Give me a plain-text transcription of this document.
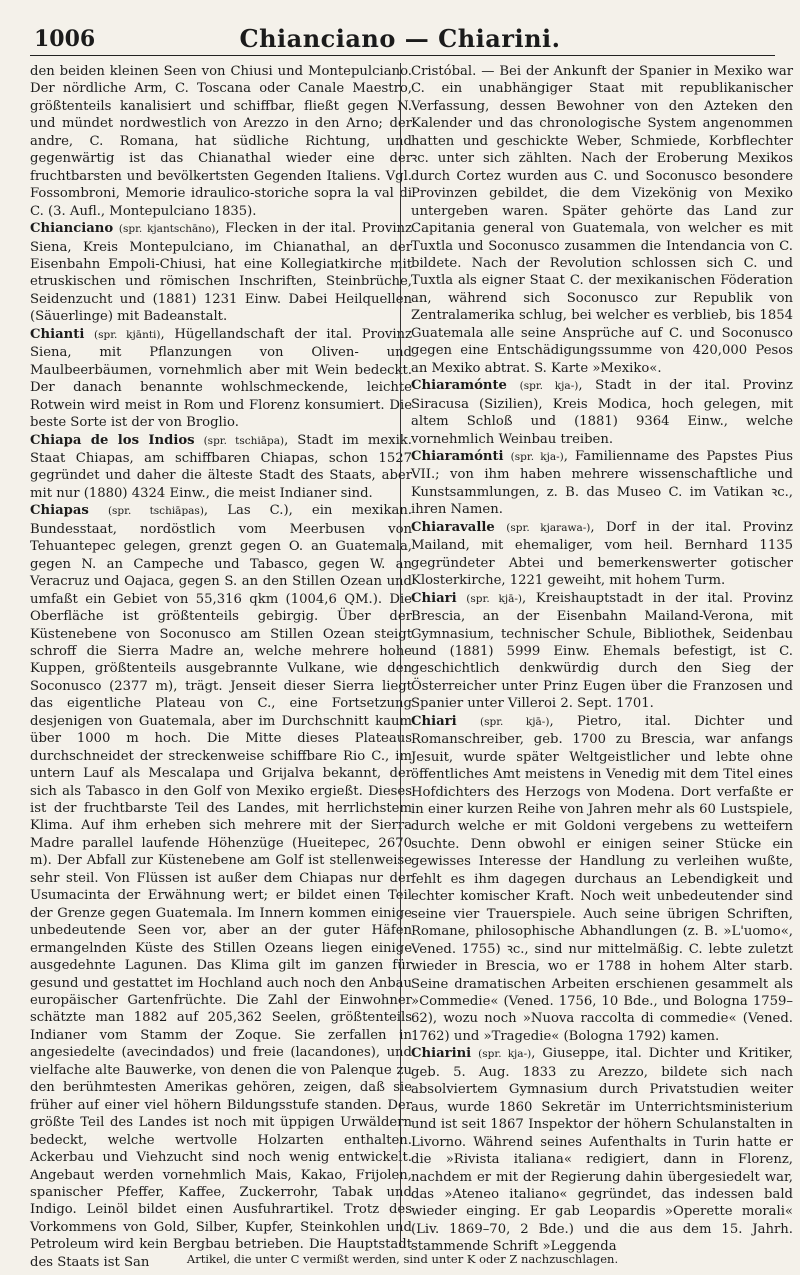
1006	Chianciano — Chiarini.

den beiden kleinen Seen von Chiusi und Montepulciano. Der nördliche Arm, C. Toscana oder Canale Maestro, größtenteils kanalisiert und schiffbar, fließt gegen N. und mündet nordwestlich von Arezzo in den Arno; der andre, C. Romana, hat südliche Richtung, und gegenwärtig ist das Chianathal wieder eine der fruchtbarsten und bevölkertsten Gegenden Italiens. Vgl. Fossombroni, Memorie idraulico-storiche sopra la val di C. (3. Aufl., Montepulciano 1835).

Chianciano (spr. kjantschāno), Flecken in der ital. Provinz Siena, Kreis Montepulciano, im Chianathal, an der Eisenbahn Empoli-Chiusi, hat eine Kollegiatkirche mit etruskischen und römischen Inschriften, Steinbrüche, Seidenzucht und (1881) 1231 Einw. Dabei Heilquellen (Säuerlinge) mit Badeanstalt.

Chianti (spr. kjānti), Hügellandschaft der ital. Provinz Siena, mit Pflanzungen von Oliven- und Maulbeerbäumen, vornehmlich aber mit Wein bedeckt. Der danach benannte wohlschmeckende, leichte Rotwein wird meist in Rom und Florenz konsumiert. Die beste Sorte ist der von Broglio.

Chiapa de los Indios (spr. tschiāpa), Stadt im mexik. Staat Chiapas, am schiffbaren Chiapas, schon 1527 gegründet und daher die älteste Stadt des Staats, aber mit nur (1880) 4324 Einw., die meist Indianer sind.

Chiapas (spr. tschiāpas), Las C.), ein mexikan. Bundesstaat, nordöstlich vom Meerbusen von Tehuantepec gelegen, grenzt gegen O. an Guatemala, gegen N. an Campeche und Tabasco, gegen W. an Veracruz und Oajaca, gegen S. an den Stillen Ozean und umfaßt ein Gebiet von 55,316 qkm (1004,6 QM.). Die Oberfläche ist größtenteils gebirgig. Über der Küstenebene von Soconusco am Stillen Ozean steigt schroff die Sierra Madre an, welche mehrere hohe Kuppen, größtenteils ausgebrannte Vulkane, wie den Soconusco (2377 m), trägt. Jenseit dieser Sierra liegt das eigentliche Plateau von C., eine Fortsetzung desjenigen von Guatemala, aber im Durchschnitt kaum über 1000 m hoch. Die Mitte dieses Plateaus durchschneidet der streckenweise schiffbare Rio C., im untern Lauf als Mescalapa und Grijalva bekannt, der sich als Tabasco in den Golf von Mexiko ergießt. Dieses ist der fruchtbarste Teil des Landes, mit herrlichstem Klima. Auf ihm erheben sich mehrere mit der Sierra Madre parallel laufende Höhenzüge (Hueitepec, 2670 m). Der Abfall zur Küstenebene am Golf ist stellenweise sehr steil. Von Flüssen ist außer dem Chiapas nur der Usumacinta der Erwähnung wert; er bildet einen Teil der Grenze gegen Guatemala. Im Innern kommen einige unbedeutende Seen vor, aber an der guter Häfen ermangelnden Küste des Stillen Ozeans liegen einige ausgedehnte Lagunen. Das Klima gilt im ganzen für gesund und gestattet im Hochland auch noch den Anbau europäischer Gartenfrüchte. Die Zahl der Einwohner schätzte man 1882 auf 205,362 Seelen, größtenteils Indianer vom Stamm der Zoque. Sie zerfallen in angesiedelte (avecindados) und freie (lacandones), und vielfache alte Bauwerke, von denen die von Palenque zu den berühmtesten Amerikas gehören, zeigen, daß sie früher auf einer viel höhern Bildungsstufe standen. Der größte Teil des Landes ist noch mit üppigen Urwäldern bedeckt, welche wertvolle Holzarten enthalten. Ackerbau und Viehzucht sind noch wenig entwickelt. Angebaut werden vornehmlich Mais, Kakao, Frijolen, spanischer Pfeffer, Kaffee, Zuckerrohr, Tabak und Indigo. Leinöl bildet einen Ausfuhrartikel. Trotz des Vorkommens von Gold, Silber, Kupfer, Steinkohlen und Petroleum wird kein Bergbau betrieben. Die Hauptstadt des Staats ist San

Cristóbal. — Bei der Ankunft der Spanier in Mexiko war C. ein unabhängiger Staat mit republikanischer Verfassung, dessen Bewohner von den Azteken den Kalender und das chronologische System angenommen hatten und geschickte Weber, Schmiede, Korbflechter ꝛc. unter sich zählten. Nach der Eroberung Mexikos durch Cortez wurden aus C. und Soconusco besondere Provinzen gebildet, die dem Vizekönig von Mexiko untergeben waren. Später gehörte das Land zur Capitania general von Guatemala, von welcher es mit Tuxtla und Soconusco zusammen die Intendancia von C. bildete. Nach der Revolution schlossen sich C. und Tuxtla als eigner Staat C. der mexikanischen Föderation an, während sich Soconusco zur Republik von Zentralamerika schlug, bei welcher es verblieb, bis 1854 Guatemala alle seine Ansprüche auf C. und Soconusco gegen eine Entschädigungssumme von 420,000 Pesos an Mexiko abtrat. S. Karte »Mexiko«.

Chiaramónte (spr. kja-), Stadt in der ital. Provinz Siracusa (Sizilien), Kreis Modica, hoch gelegen, mit altem Schloß und (1881) 9364 Einw., welche vornehmlich Weinbau treiben.

Chiaramónti (spr. kja-), Familienname des Papstes Pius VII.; von ihm haben mehrere wissenschaftliche und Kunstsammlungen, z. B. das Museo C. im Vatikan ꝛc., ihren Namen.

Chiaravalle (spr. kjarawa-), Dorf in der ital. Provinz Mailand, mit ehemaliger, vom heil. Bernhard 1135 gegründeter Abtei und bemerkenswerter gotischer Klosterkirche, 1221 geweiht, mit hohem Turm.

Chiari (spr. kjā-), Kreishauptstadt in der ital. Provinz Brescia, an der Eisenbahn Mailand-Verona, mit Gymnasium, technischer Schule, Bibliothek, Seidenbau und (1881) 5999 Einw. Ehemals befestigt, ist C. geschichtlich denkwürdig durch den Sieg der Österreicher unter Prinz Eugen über die Franzosen und Spanier unter Villeroi 2. Sept. 1701.

Chiari (spr. kjā-), Pietro, ital. Dichter und Romanschreiber, geb. 1700 zu Brescia, war anfangs Jesuit, wurde später Weltgeistlicher und lebte ohne öffentliches Amt meistens in Venedig mit dem Titel eines Hofdichters des Herzogs von Modena. Dort verfaßte er in einer kurzen Reihe von Jahren mehr als 60 Lustspiele, durch welche er mit Goldoni vergebens zu wetteifern suchte. Denn obwohl er einigen seiner Stücke ein gewisses Interesse der Handlung zu verleihen wußte, fehlt es ihm dagegen durchaus an Lebendigkeit und echter komischer Kraft. Noch weit unbedeutender sind seine vier Trauerspiele. Auch seine übrigen Schriften, Romane, philosophische Abhandlungen (z. B. »L'uomo«, Vened. 1755) ꝛc., sind nur mittelmäßig. C. lebte zuletzt wieder in Brescia, wo er 1788 in hohem Alter starb. Seine dramatischen Arbeiten erschienen gesammelt als »Commedie« (Vened. 1756, 10 Bde., und Bologna 1759–62), wozu noch »Nuova raccolta di commedie« (Vened. 1762) und »Tragedie« (Bologna 1792) kamen.

Chiarini (spr. kja-), Giuseppe, ital. Dichter und Kritiker, geb. 5. Aug. 1833 zu Arezzo, bildete sich nach absolviertem Gymnasium durch Privatstudien weiter aus, wurde 1860 Sekretär im Unterrichtsministerium und ist seit 1867 Inspektor der höhern Schulanstalten in Livorno. Während seines Aufenthalts in Turin hatte er die »Rivista italiana« redigiert, dann in Florenz, nachdem er mit der Regierung dahin übergesiedelt war, das »Ateneo italiano« gegründet, das indessen bald wieder einging. Er gab Leopardis »Operette morali« (Liv. 1869–70, 2 Bde.) und die aus dem 15. Jahrh. stammende Schrift »Leggenda

Artikel, die unter C vermißt werden, sind unter K oder Z nachzuschlagen.
